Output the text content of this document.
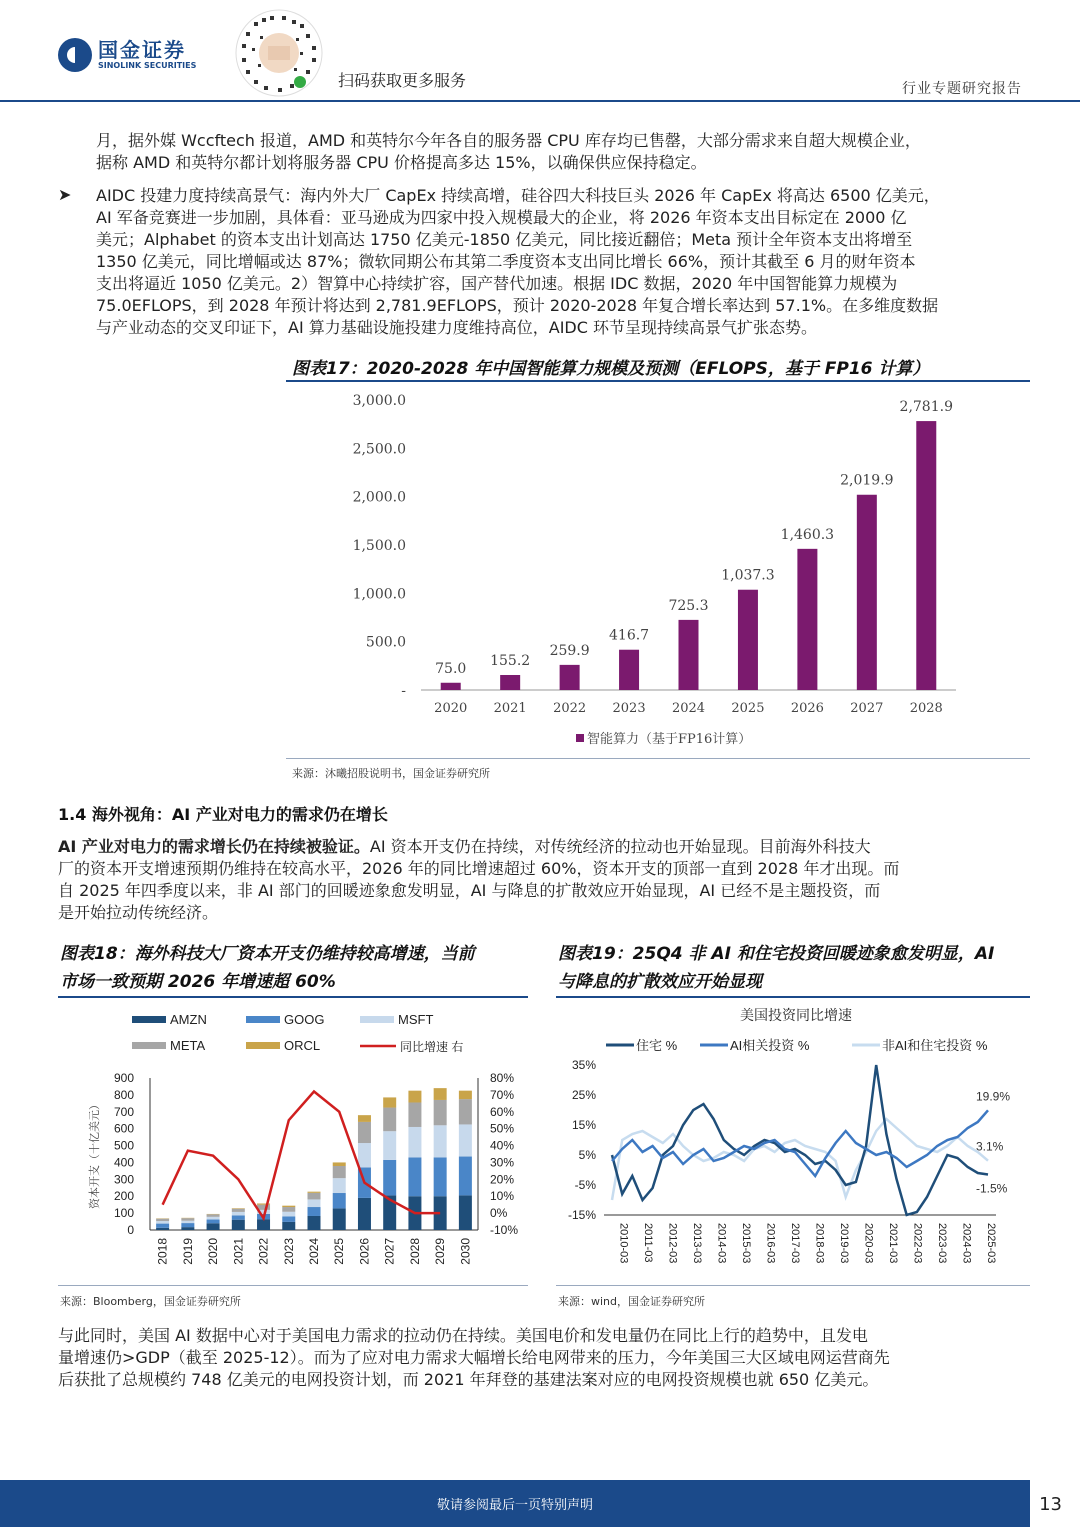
国金证券
SINOLINK SECURITIES
扫码获取更多服务	行业专题研究报告
月，据外媒 Wccftech 报道，AMD 和英特尔今年各自的服务器 CPU 库存均已售罄，大部分需求来自超大规模企业，
据称 AMD 和英特尔都计划将服务器 CPU 价格提高多达 15%，以确保供应保持稳定。
➤ AIDC 投建力度持续高景气：海内外大厂 CapEx 持续高增，硅谷四大科技巨头 2026 年 CapEx 将高达 6500 亿美元，
AI 军备竞赛进一步加剧，具体看：亚马逊成为四家中投入规模最大的企业，将 2026 年资本支出目标定在 2000 亿
美元；Alphabet 的资本支出计划高达 1750 亿美元-1850 亿美元，同比接近翻倍；Meta 预计全年资本支出将增至
1350 亿美元，同比增幅或达 87%；微软同期公布其第二季度资本支出同比增长 66%，预计其截至 6 月的财年资本
支出将逼近 1050 亿美元。2）智算中心持续扩容，国产替代加速。根据 IDC 数据，2020 年中国智能算力规模为
75.0EFLOPS，到 2028 年预计将达到 2,781.9EFLOPS，预计 2020-2028 年复合增长率达到 57.1%。在多维度数据
与产业动态的交叉印证下，AI 算力基础设施投建力度维持高位，AIDC 环节呈现持续高景气扩张态势。
图表17：2020-2028 年中国智能算力规模及预测（EFLOPS，基于 FP16 计算）
-
500.0
1,000.0
1,500.0
2,000.0
2,500.0
3,000.0
75.0
2020
155.2
2021
259.9
2022
416.7
2023
725.3
2024
1,037.3
2025
1,460.3
2026
2,019.9
2027
2,781.9
2028
智能算力（基于FP16计算）
来源：沐曦招股说明书，国金证券研究所
1.4 海外视角：AI 产业对电力的需求仍在增长
AI 产业对电力的需求增长仍在持续被验证。AI 资本开支仍在持续，对传统经济的拉动也开始显现。目前海外科技大
厂的资本开支增速预期仍维持在较高水平，2026 年的同比增速超过 60%，资本开支的顶部一直到 2028 年才出现。而
自 2025 年四季度以来，非 AI 部门的回暖迹象愈发明显，AI 与降息的扩散效应开始显现，AI 已经不是主题投资，而
是开始拉动传统经济。
图表18：海外科技大厂资本开支仍维持较高增速，当前
市场一致预期 2026 年增速超 60%
AMZN	GOOG	MSFT
META	ORCL	同比增速 右
0
100
200
300
400
500
600
700
800
900
-10%
0%
10%
20%
30%
40%
50%
60%
70%
80%
资本开支（十亿美元）
2018 2019 2020 2021 2022 2023 2024 2025 2026 2027 2028 2029 2030
来源：Bloomberg，国金证券研究所
图表19：25Q4 非 AI 和住宅投资回暖迹象愈发明显，AI
与降息的扩散效应开始显现
美国投资同比增速
住宅 %	AI相关投资 %	非AI和住宅投资 %
-15%
-5%
5%
15%
25%
35%
2010-03 2011-03 2012-03 2013-03 2014-03 2015-03 2016-03 2017-03 2018-03 2019-03 2020-03 2021-03 2022-03 2023-03 2024-03 2025-03
3.1%
-1.5%
19.9%
来源：wind，国金证券研究所
与此同时，美国 AI 数据中心对于美国电力需求的拉动仍在持续。美国电价和发电量仍在同比上行的趋势中，且发电
量增速仍>GDP（截至 2025-12）。而为了应对电力需求大幅增长给电网带来的压力，今年美国三大区域电网运营商先
后获批了总规模约 748 亿美元的电网投资计划，而 2021 年拜登的基建法案对应的电网投资规模也就 650 亿美元。
敬请参阅最后一页特别声明	13
